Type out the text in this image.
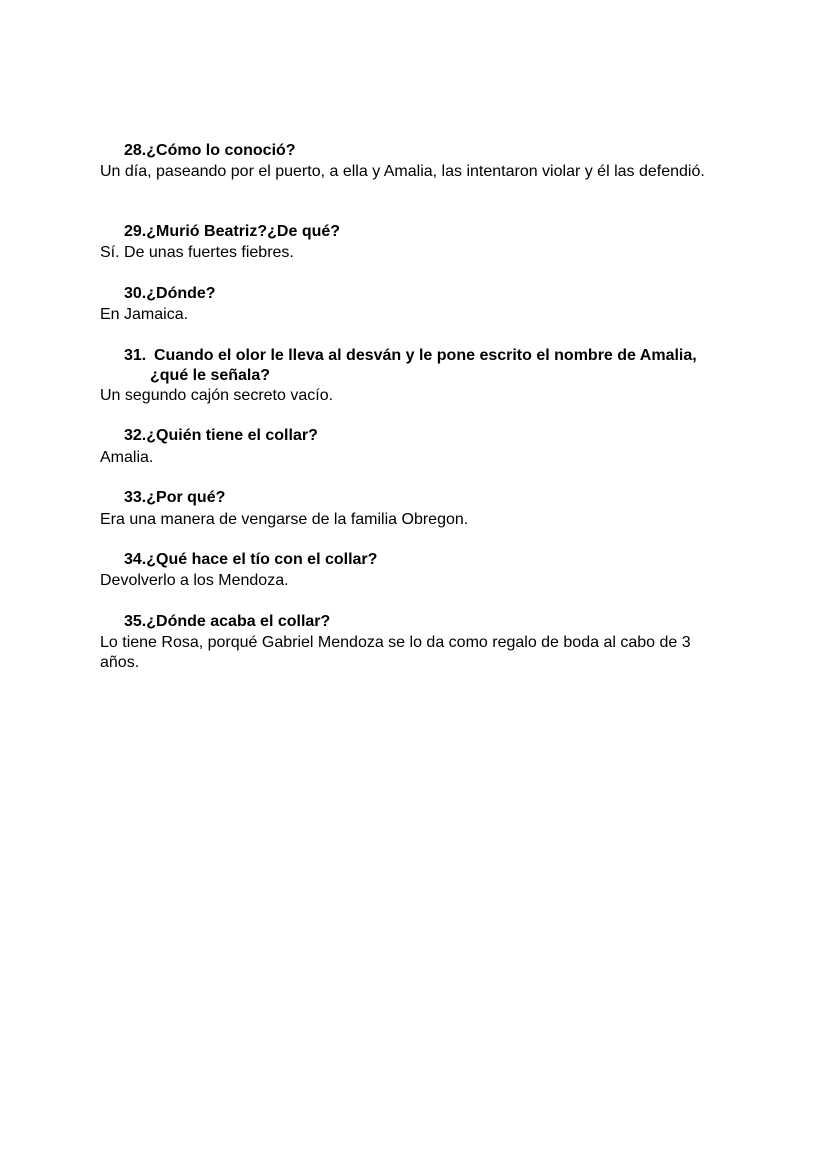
28.¿Cómo lo conoció?
Un día, paseando por el puerto, a ella y Amalia, las intentaron violar y él las defendió.
29.¿Murió Beatriz?¿De qué?
Sí. De unas fuertes fiebres.
30.¿Dónde?
En Jamaica.
31. Cuando el olor le lleva al desván y le pone escrito el nombre de Amalia,
¿qué le señala?
Un segundo cajón secreto vacío.
32.¿Quién tiene el collar?
Amalia.
33.¿Por qué?
Era una manera de vengarse de la familia Obregon.
34.¿Qué hace el tío con el collar?
Devolverlo a los Mendoza.
35.¿Dónde acaba el collar?
Lo tiene Rosa, porqué Gabriel Mendoza se lo da como regalo de boda al cabo de 3 años.
